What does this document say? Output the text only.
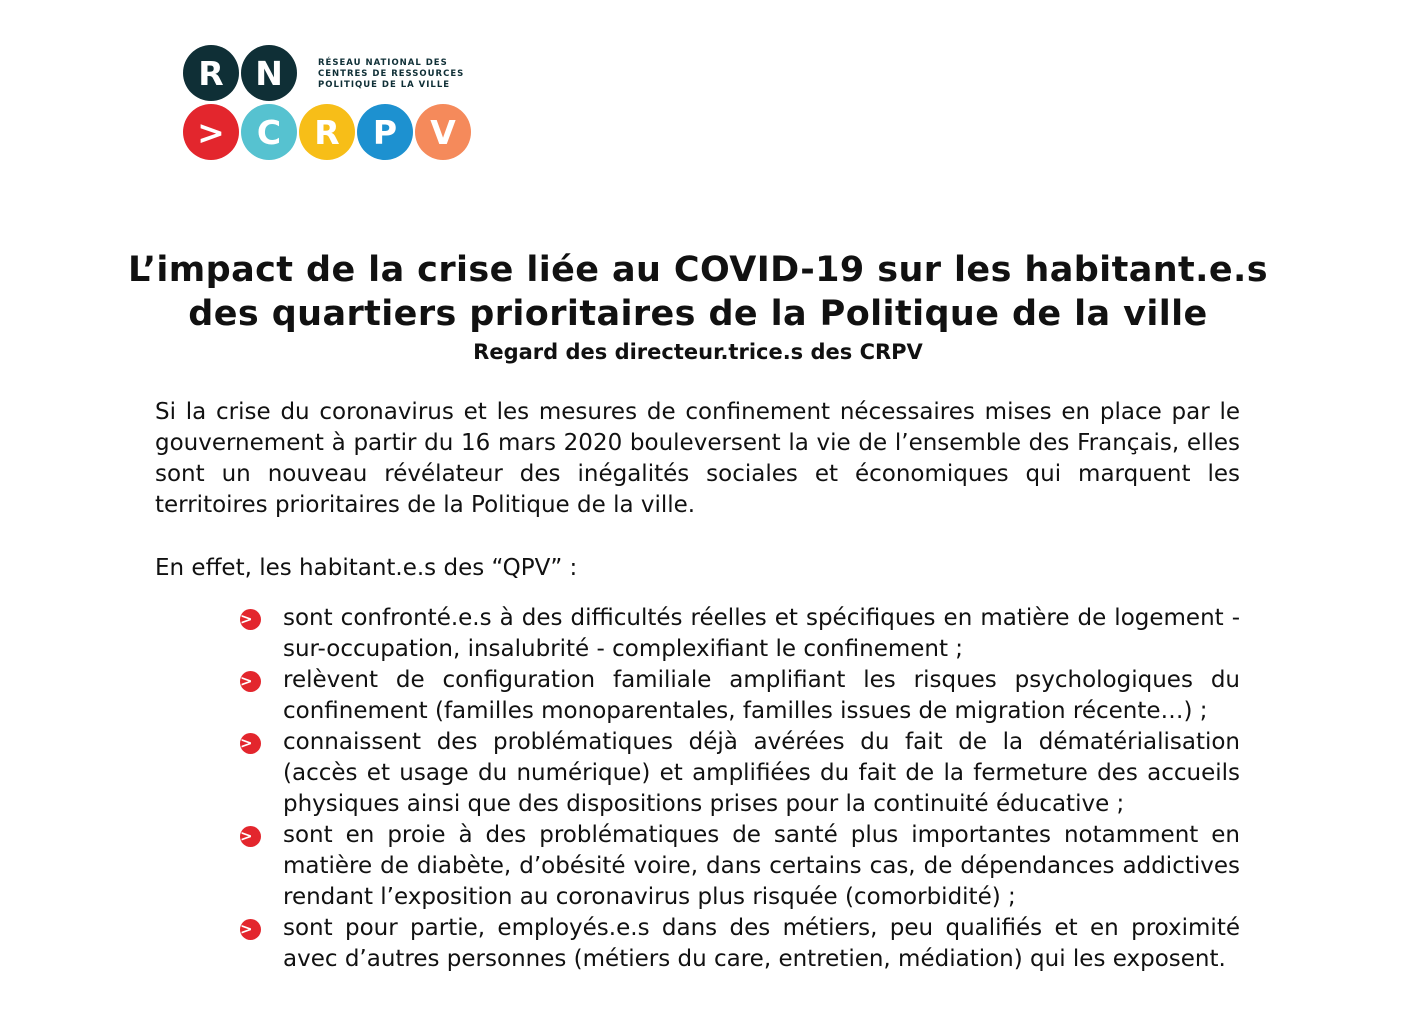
R N	RÉSEAU NATIONAL DES
CENTRES DE RESSOURCES
POLITIQUE DE LA VILLE
> C	R	P	V
L’impact de la crise liée au COVID-19 sur les habitant.e.s
des quartiers prioritaires de la Politique de la ville
Regard des directeur.trice.s des CRPV
Si la crise du coronavirus et les mesures de confinement nécessaires mises en place par le gouvernement à partir du 16 mars 2020 bouleversent la vie de l’ensemble des Français, elles sont un nouveau révélateur des inégalités sociales et économiques qui marquent les territoires prioritaires de la Politique de la ville.
En effet, les habitant.e.s des “QPV” :
>	sont confronté.e.s à des difficultés réelles et spécifiques en matière de logement - sur-occupation, insalubrité - complexifiant le confinement ;
>	relèvent de configuration familiale amplifiant les risques psychologiques du confinement (familles monoparentales, familles issues de migration récente…) ;
>	connaissent des problématiques déjà avérées du fait de la dématérialisation (accès et usage du numérique) et amplifiées du fait de la fermeture des accueils physiques ainsi que des dispositions prises pour la continuité éducative ;
>	sont en proie à des problématiques de santé plus importantes notamment en matière de diabète, d’obésité voire, dans certains cas, de dépendances addictives rendant l’exposition au coronavirus plus risquée (comorbidité) ;
>	sont pour partie, employés.e.s dans des métiers, peu qualifiés et en proximité avec d’autres personnes (métiers du care, entretien, médiation) qui les exposent.
